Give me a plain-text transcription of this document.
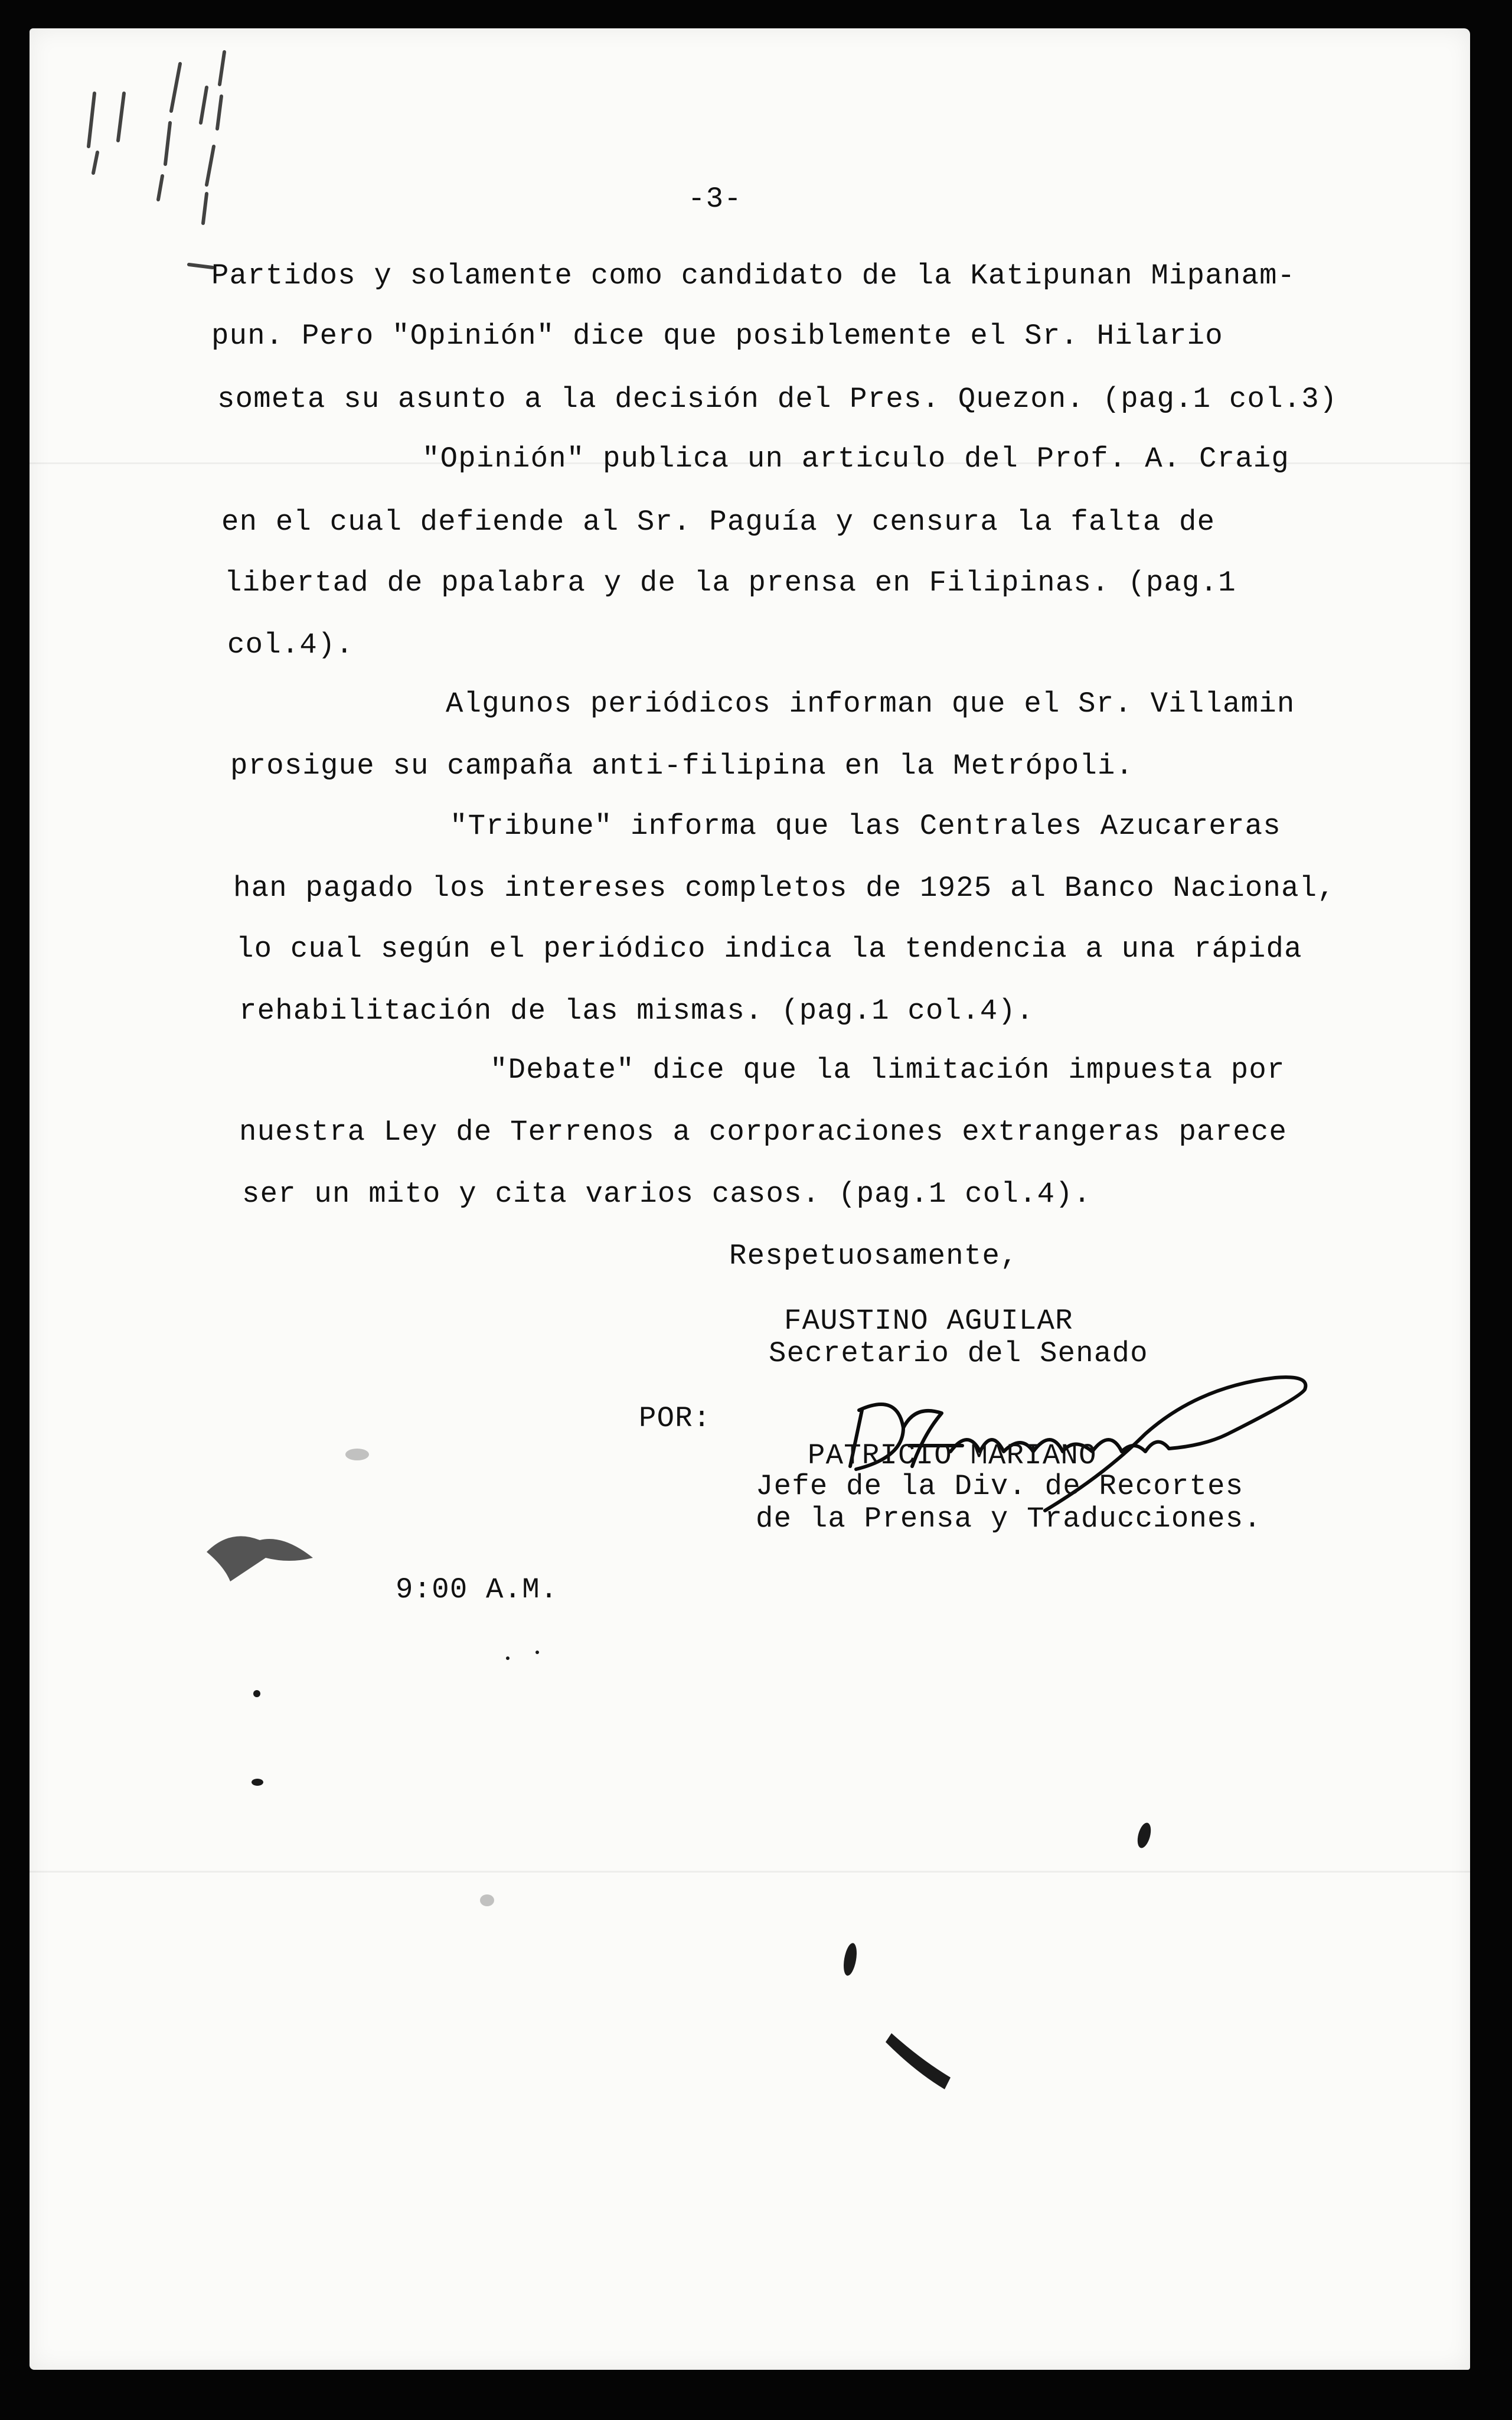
-3-
Partidos y solamente como candidato de la Katipunan Mipanam-
pun. Pero "Opinión" dice que posiblemente el Sr. Hilario
someta su asunto a la decisión del Pres. Quezon. (pag.1 col.3)
"Opinión" publica un articulo del Prof. A. Craig
en el cual defiende al Sr. Paguía y censura la falta de
libertad de ppalabra y de la prensa en Filipinas. (pag.1
col.4).
Algunos periódicos informan que el Sr. Villamin
prosigue su campaña anti-filipina en la Metrópoli.
"Tribune" informa que las Centrales Azucareras
han pagado los intereses completos de 1925 al Banco Nacional,
lo cual según el periódico indica la tendencia a una rápida
rehabilitación de las mismas. (pag.1 col.4).
"Debate" dice que la limitación impuesta por
nuestra Ley de Terrenos a corporaciones extrangeras parece
ser un mito y cita varios casos. (pag.1 col.4).
Respetuosamente,
FAUSTINO AGUILAR
Secretario del Senado
POR:
PATRICIO MARIANO
Jefe de la Div. de Recortes
de la Prensa y Traducciones.
9:00 A.M.
